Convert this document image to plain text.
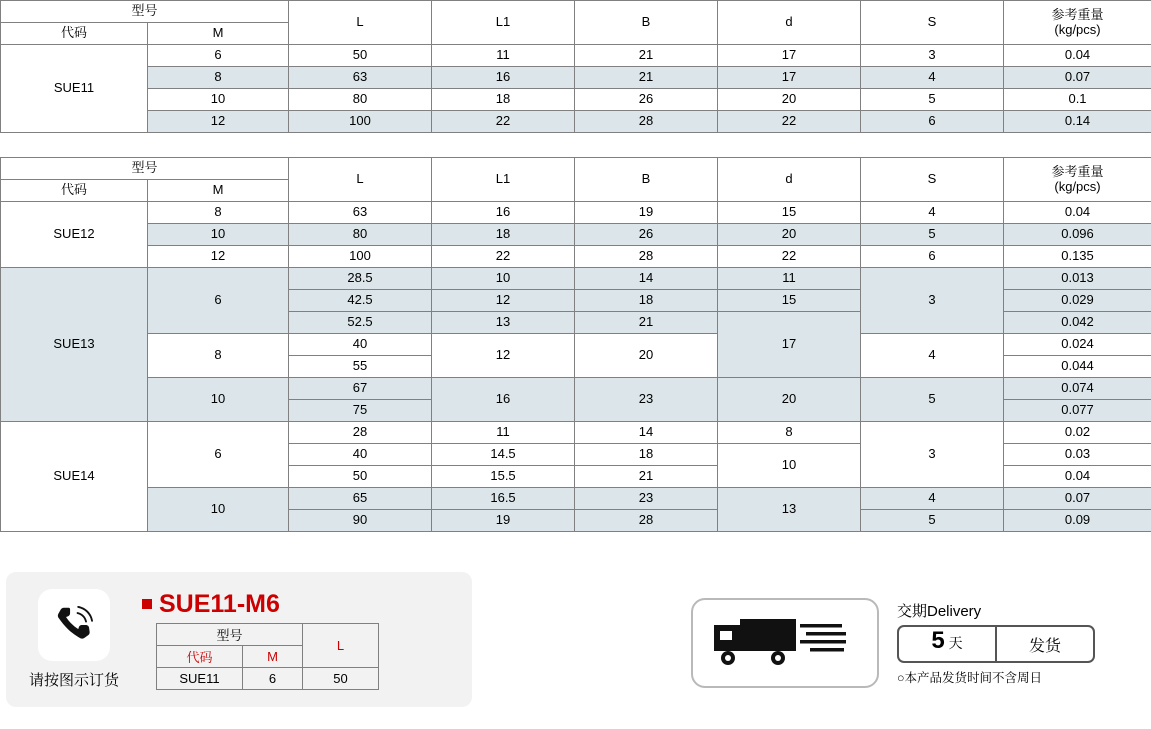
型号		L	L1	B	d	S	参考重量
(kg/pcs)

代码	M						
SUE11	6	50	11	21	17	3	0.04
	8	63	16	21	17	4	0.07
	10	80	18	26	20	5	0.1
	12	100	22	28	22	6	0.14
型号		L	L1	B	d	S	参考重量
(kg/pcs)

代码	M						
SUE12	8	63	16	19	15	4	0.04
	10	80	18	26	20	5	0.096
	12	100	22	28	22	6	0.135
SUE13	6	28.5	10	14	11	3	0.013
		42.5	12	18	15		0.029
		52.5	13	21	17		0.042
	8	40	12	20		4	0.024
		55					0.044
	10	67	16	23	20	5	0.074
		75					0.077
SUE14	6	28	11	14	8	3	0.02
		40	14.5	18	10		0.03
		50	15.5	21			0.04
	10	65	16.5	23	13	4	0.07
		90	19	28		5	0.09
请按图示订货
SUE11-M6
型号		L
代码	M	
SUE11	6	50
交期Delivery
5 天	发货
○本产品发货时间不含周日
